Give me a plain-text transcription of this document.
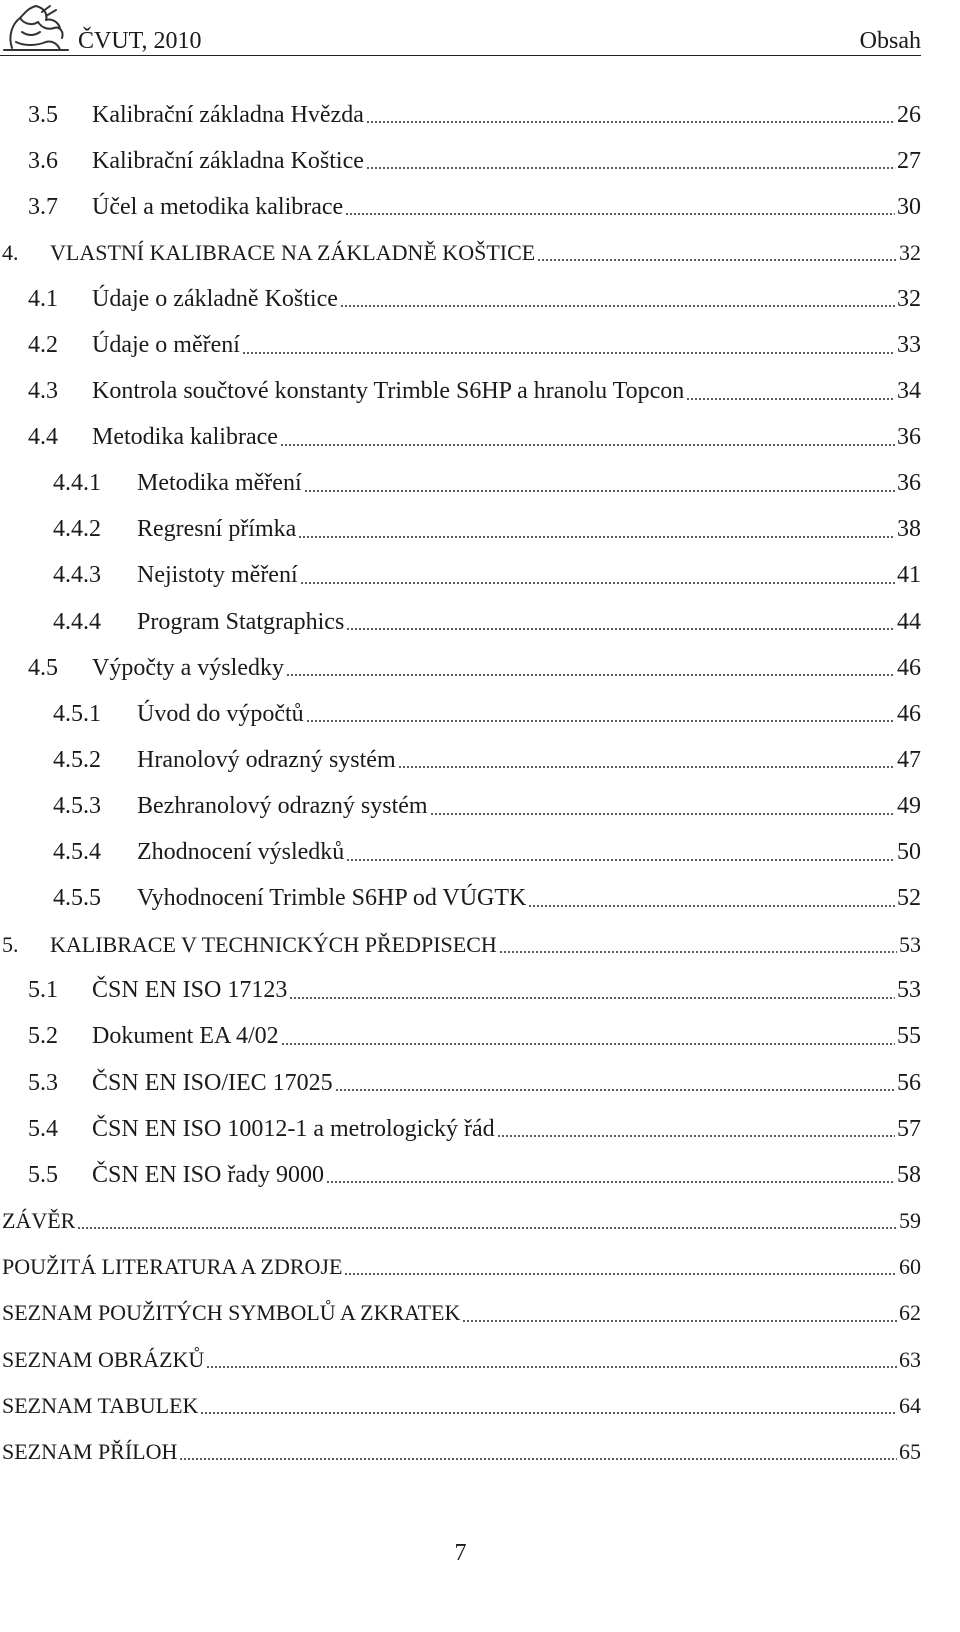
ČVUT, 2010	Obsah
3.5	Kalibrační základna Hvězda	26
3.6	Kalibrační základna Koštice	27
3.7	Účel a metodika kalibrace	30
4.	VLASTNÍ KALIBRACE NA ZÁKLADNĚ KOŠTICE	32
4.1	Údaje o základně Koštice	32
4.2	Údaje o měření	33
4.3	Kontrola součtové konstanty Trimble S6HP a hranolu Topcon	34
4.4	Metodika kalibrace	36
4.4.1	Metodika měření	36
4.4.2	Regresní přímka	38
4.4.3	Nejistoty měření	41
4.4.4	Program Statgraphics	44
4.5	Výpočty a výsledky	46
4.5.1	Úvod do výpočtů	46
4.5.2	Hranolový odrazný systém	47
4.5.3	Bezhranolový odrazný systém	49
4.5.4	Zhodnocení výsledků	50
4.5.5	Vyhodnocení Trimble S6HP od VÚGTK	52
5.	KALIBRACE V TECHNICKÝCH PŘEDPISECH	53
5.1	ČSN EN ISO 17123	53
5.2	Dokument EA 4/02	55
5.3	ČSN EN ISO/IEC 17025	56
5.4	ČSN EN ISO 10012-1 a metrologický řád	57
5.5	ČSN EN ISO řady 9000	58
ZÁVĚR	59
POUŽITÁ LITERATURA A ZDROJE	60
SEZNAM POUŽITÝCH SYMBOLŮ A ZKRATEK	62
SEZNAM OBRÁZKŮ	63
SEZNAM TABULEK	64
SEZNAM PŘÍLOH	65
7
